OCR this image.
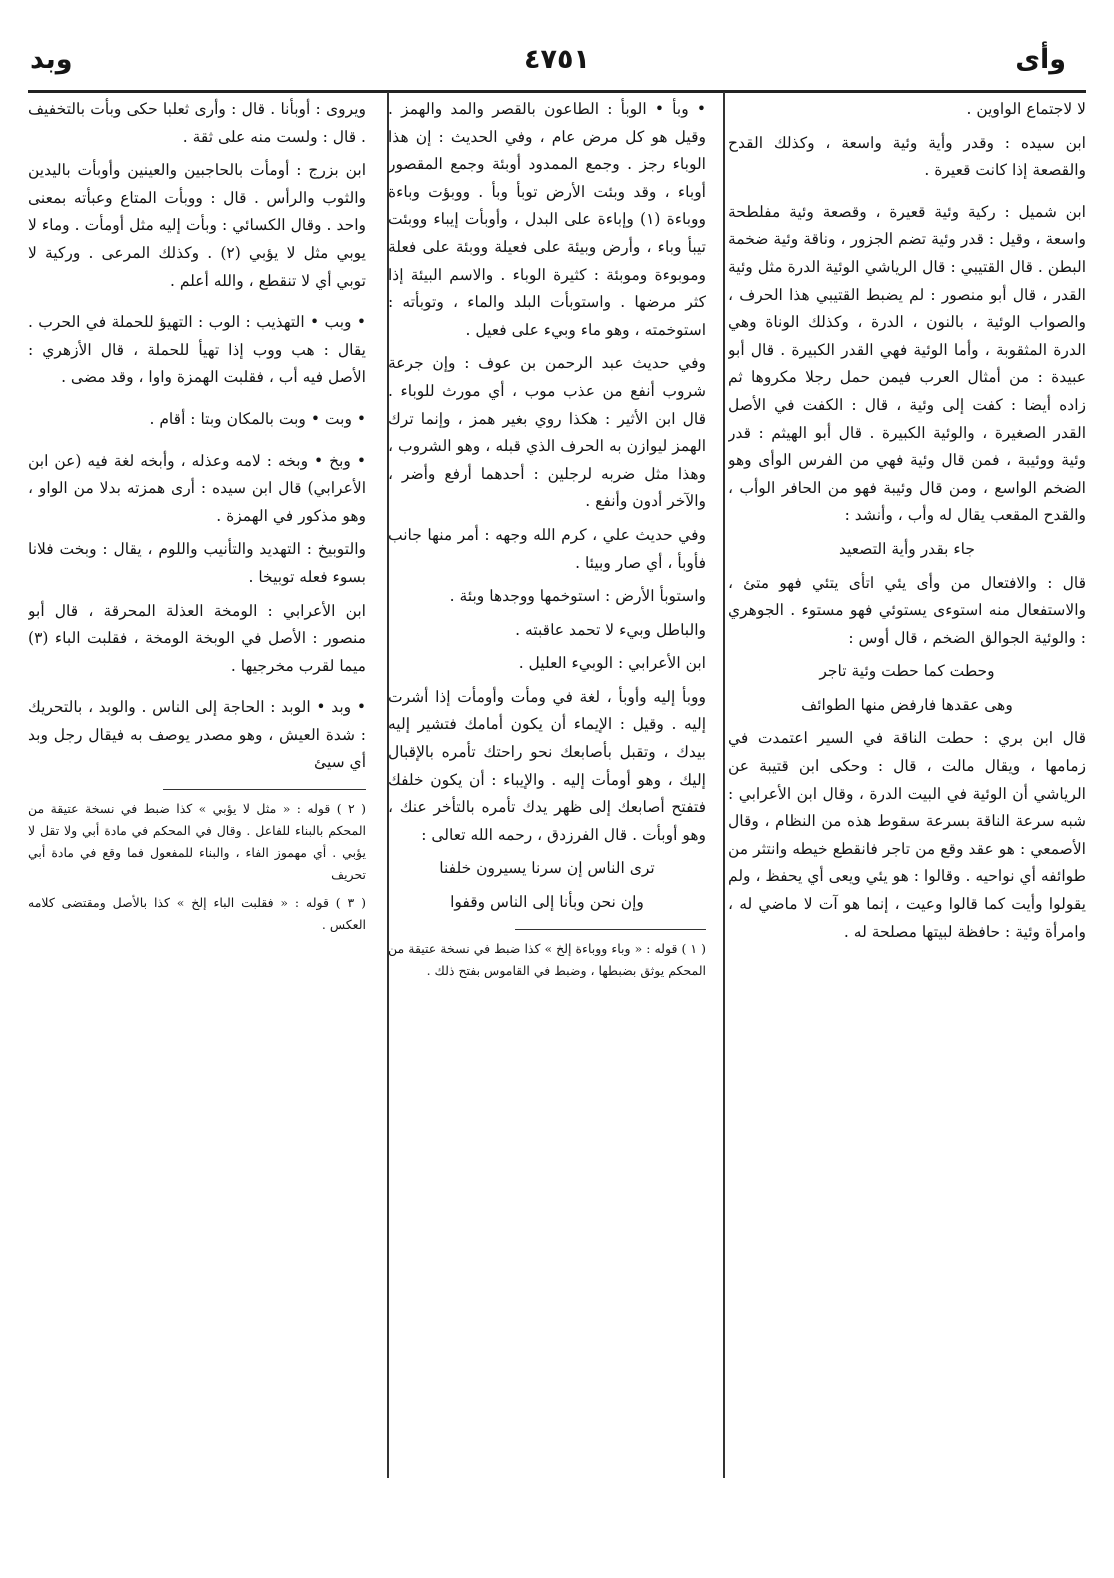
وأى
٤٧٥١
وبد

لا لاجتماع الواوين .

ابن سيده : وقدر وأية وئية واسعة ، وكذلك القدح والقصعة إذا كانت قعيرة .

ابن شميل : ركية وئية قعيرة ، وقصعة وئية مفلطحة واسعة ، وقيل : قدر وئية تضم الجزور ، وناقة وئية ضخمة البطن . قال القتيبي : قال الرياشي الوئية الدرة مثل وئية القدر ، قال أبو منصور : لم يضبط القتيبي هذا الحرف ، والصواب الوئية ، بالنون ، الدرة ، وكذلك الوناة وهي الدرة المثقوبة ، وأما الوئية فهي القدر الكبيرة . قال أبو عبيدة : من أمثال العرب فيمن حمل رجلا مكروها ثم زاده أيضا : كفت إلى وئية ، قال : الكفت في الأصل القدر الصغيرة ، والوئية الكبيرة . قال أبو الهيثم : قدر وئية ووئيبة ، فمن قال وئية فهي من الفرس الوأى وهو الضخم الواسع ، ومن قال وئيبة فهو من الحافر الوأب ، والقدح المقعب يقال له وأب ، وأنشد :

جاء بقدر وأية التصعيد

قال : والافتعال من وأى يئي اتأى يتئي فهو متئ ، والاستفعال منه استوءى يستوئي فهو مستوء . الجوهري : والوئية الجوالق الضخم ، قال أوس :

وحطت كما حطت وئية تاجر
وهى عقدها فارفض منها الطوائف

قال ابن بري : حطت الناقة في السير اعتمدت في زمامها ، ويقال مالت ، قال : وحكى ابن قتيبة عن الرياشي أن الوئية في البيت الدرة ، وقال ابن الأعرابي : شبه سرعة الناقة بسرعة سقوط هذه من النظام ، وقال الأصمعي : هو عقد وقع من تاجر فانقطع خيطه وانتثر من طوائفه أي نواحيه . وقالوا : هو يئي ويعى أي يحفظ ، ولم يقولوا وأيت كما قالوا وعيت ، إنما هو آت لا ماضي له ، وامرأة وئية : حافظة لبيتها مصلحة له .

• وبأ • الوبأ : الطاعون بالقصر والمد والهمز . وقيل هو كل مرض عام ، وفي الحديث : إن هذا الوباء رجز . وجمع الممدود أوبئة وجمع المقصور أوباء ، وقد وبئت الأرض توبأ وبأ . ووبؤت وباءة ووباءة (١) وإباءة على البدل ، وأوبأت إيباء ووبئت تيبأ وباء ، وأرض وبيئة على فعيلة ووبئة على فعلة وموبوءة وموبئة : كثيرة الوباء . والاسم البيئة إذا كثر مرضها . واستوبأت البلد والماء ، وتوبأته : استوخمته ، وهو ماء وبيء على فعيل .

وفي حديث عبد الرحمن بن عوف : وإن جرعة شروب أنفع من عذب موب ، أي مورث للوباء . قال ابن الأثير : هكذا روي بغير همز ، وإنما ترك الهمز ليوازن به الحرف الذي قبله ، وهو الشروب ، وهذا مثل ضربه لرجلين : أحدهما أرفع وأضر ، والآخر أدون وأنفع .

وفي حديث علي ، كرم الله وجهه : أمر منها جانب فأوبأ ، أي صار وبيئا .

واستوبأ الأرض : استوخمها ووجدها وبئة .

والباطل وبيء لا تحمد عاقبته .

ابن الأعرابي : الوبيء العليل .

ووبأ إليه وأوبأ ، لغة في ومأت وأومأت إذا أشرت إليه . وقيل : الإيماء أن يكون أمامك فتشير إليه بيدك ، وتقبل بأصابعك نحو راحتك تأمره بالإقبال إليك ، وهو أومأت إليه . والإيباء : أن يكون خلفك فتفتح أصابعك إلى ظهر يدك تأمره بالتأخر عنك ، وهو أوبأت . قال الفرزدق ، رحمه الله تعالى :

ترى الناس إن سرنا يسيرون خلفنا
وإن نحن وبأنا إلى الناس وقفوا

( ١ ) قوله : « وباء ووباءة إلخ » كذا ضبط في نسخة عتيقة من المحكم يوثق بضبطها ، وضبط في القاموس بفتح ذلك .

ويروى : أوبأنا . قال : وأرى ثعلبا حكى وبأت بالتخفيف . قال : ولست منه على ثقة .

ابن بزرج : أومأت بالحاجبين والعينين وأوبأت باليدين والثوب والرأس . قال : ووبأت المتاع وعبأته بمعنى واحد . وقال الكسائي : وبأت إليه مثل أومأت . وماء لا يوبي مثل لا يؤبي (٢) . وكذلك المرعى . وركية لا توبي أي لا تنقطع ، والله أعلم .

• وبب • التهذيب : الوب : التهيؤ للحملة في الحرب . يقال : هب ووب إذا تهيأ للحملة ، قال الأزهري : الأصل فيه أب ، فقلبت الهمزة واوا ، وقد مضى .

• وبت • وبت بالمكان وبتا : أقام .

• وبخ • وبخه : لامه وعذله ، وأبخه لغة فيه (عن ابن الأعرابي) قال ابن سيده : أرى همزته بدلا من الواو ، وهو مذكور في الهمزة .

والتوبيخ : التهديد والتأنيب واللوم ، يقال : وبخت فلانا بسوء فعله توبيخا .

ابن الأعرابي : الومخة العذلة المحرقة ، قال أبو منصور : الأصل في الوبخة الومخة ، فقلبت الباء (٣) ميما لقرب مخرجيها .

• وبد • الوبد : الحاجة إلى الناس . والوبد ، بالتحريك : شدة العيش ، وهو مصدر يوصف به فيقال رجل وبد أي سيئ

( ٢ ) قوله : « مثل لا يؤبي » كذا ضبط في نسخة عتيقة من المحكم بالبناء للفاعل . وقال في المحكم في مادة أبي ولا تقل لا يؤبي . أي مهموز الفاء ، والبناء للمفعول فما وقع في مادة أبي تحريف

( ٣ ) قوله : « فقلبت الباء إلخ » كذا بالأصل ومقتضى كلامه العكس .
